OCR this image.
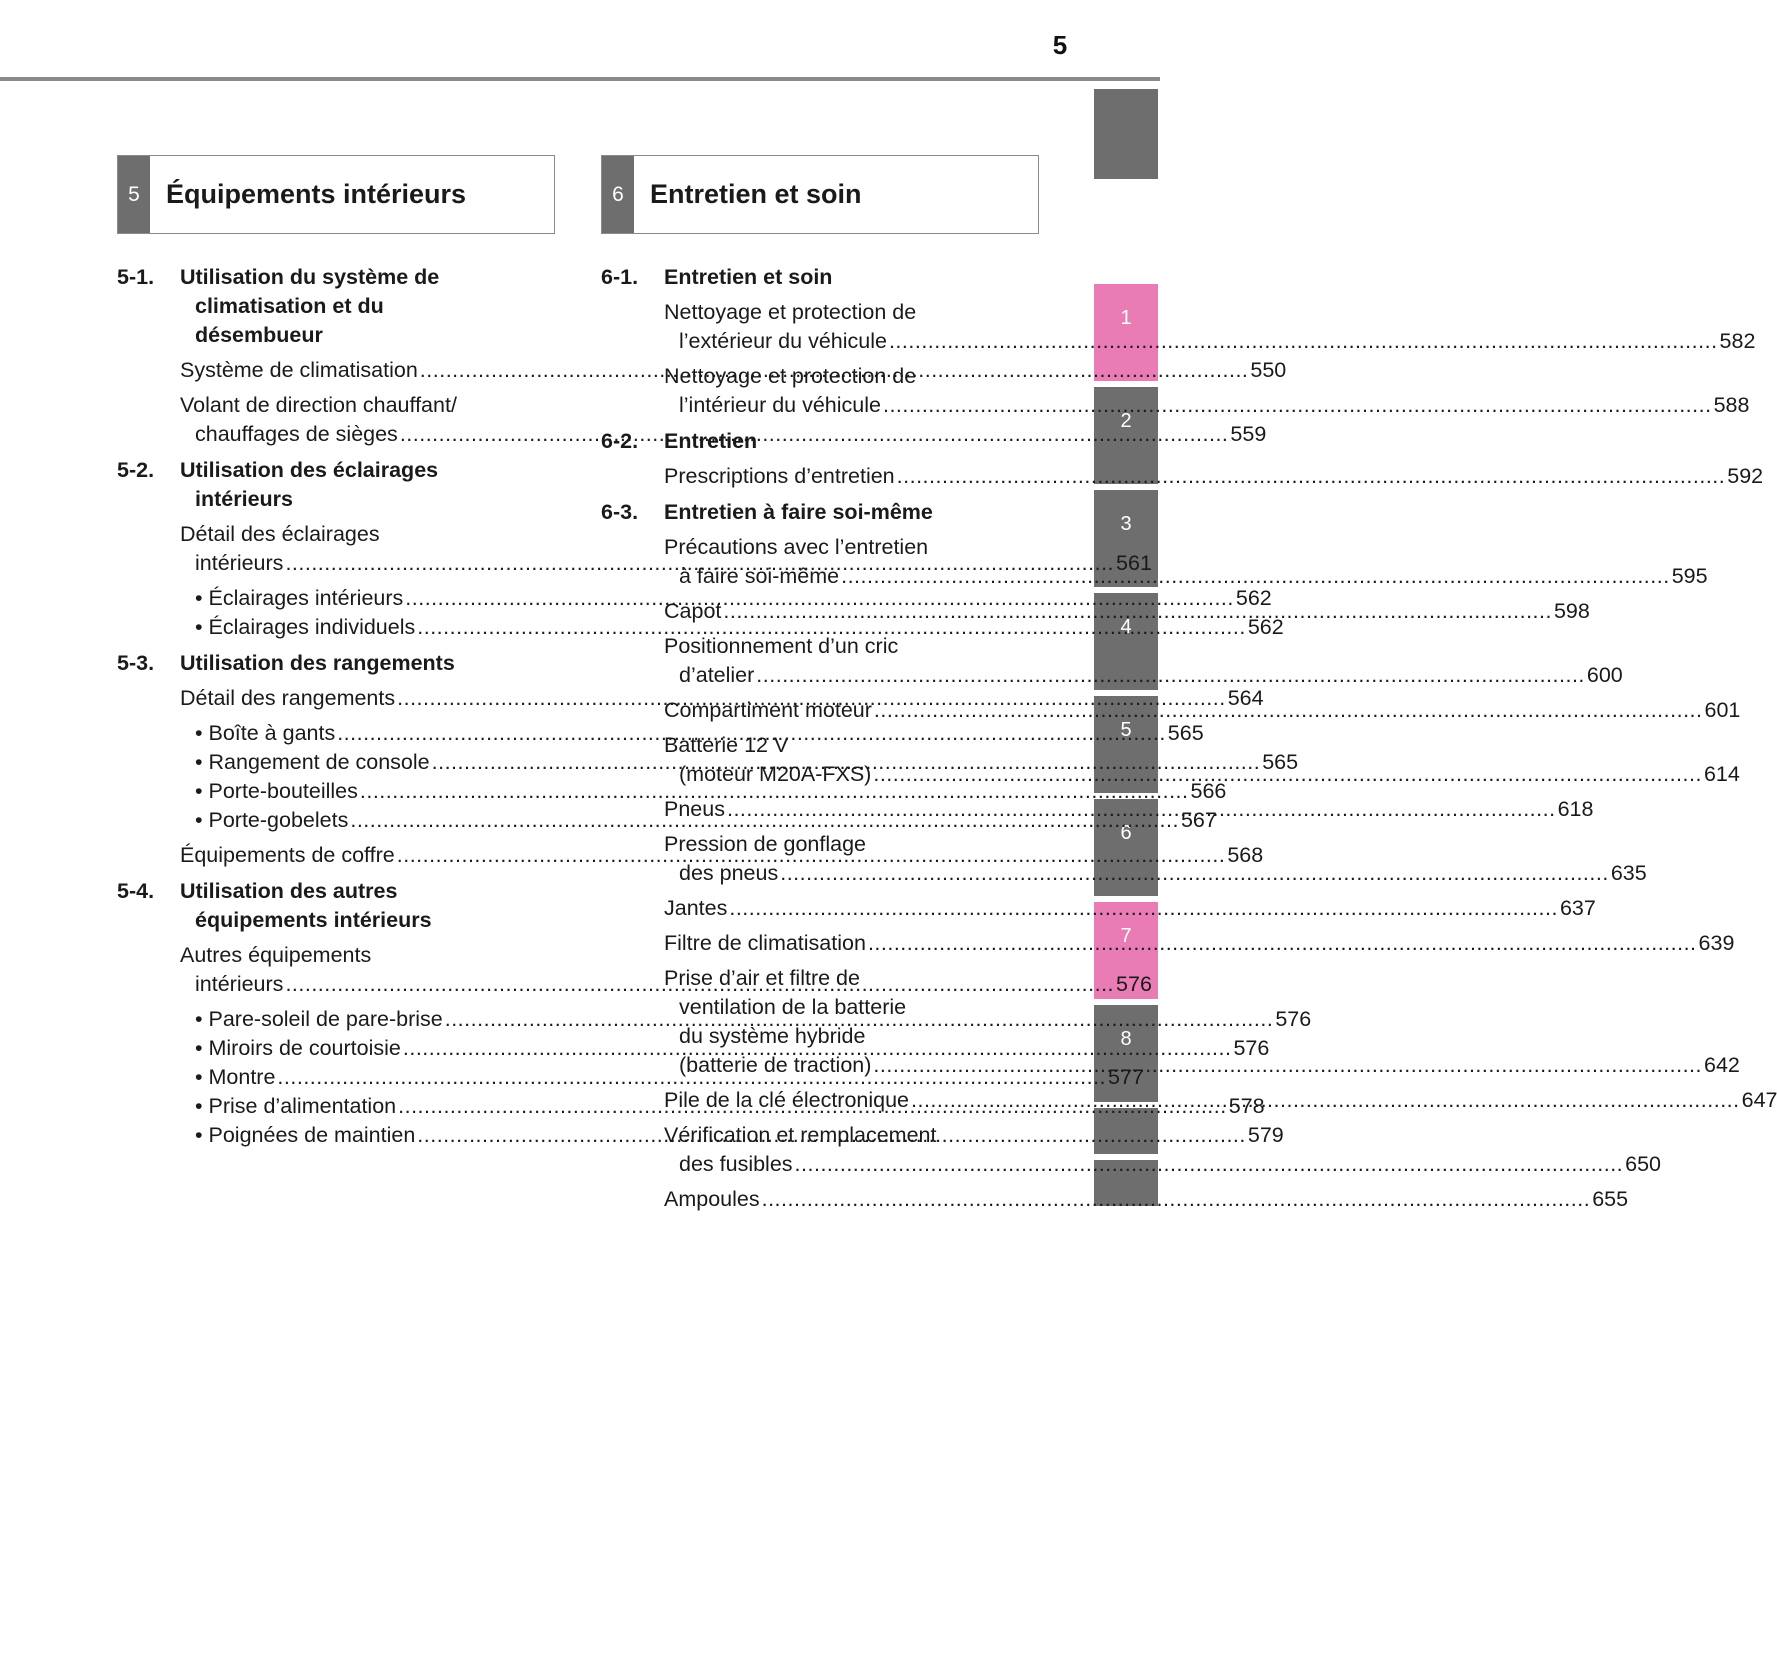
5
1
2
3
4
5
6
7
8
5 Équipements intérieurs	6 Entretien et soin
5-1.	Utilisation du système de
climatisation et du
désembueur
Système de climatisation .....	550
Volant de direction chauffant/
chauffages de sièges .....	559
5-2.	Utilisation des éclairages
intérieurs
Détail des éclairages
intérieurs .....	561
• Éclairages intérieurs .....	562
• Éclairages individuels .....	562
5-3.	Utilisation des rangements
Détail des rangements .....	564
• Boîte à gants .....	565
• Rangement de console .....	565
• Porte-bouteilles .....	566
• Porte-gobelets .....	567
Équipements de coffre .....	568
5-4.	Utilisation des autres
équipements intérieurs
Autres équipements
intérieurs .....	576
• Pare-soleil de pare-brise .....	576
• Miroirs de courtoisie .....	576
• Montre .....	577
• Prise d’alimentation .....	578
• Poignées de maintien .....	579
6-1.	Entretien et soin
Nettoyage et protection de
l’extérieur du véhicule .....	582
Nettoyage et protection de
l’intérieur du véhicule .....	588
6-2.	Entretien
Prescriptions d’entretien .....	592
6-3.	Entretien à faire soi-même
Précautions avec l’entretien
à faire soi-même .....	595
Capot .....	598
Positionnement d’un cric
d’atelier .....	600
Compartiment moteur .....	601
Batterie 12 V
(moteur M20A-FXS) .....	614
Pneus .....	618
Pression de gonflage
des pneus .....	635
Jantes .....	637
Filtre de climatisation .....	639
Prise d’air et filtre de
ventilation de la batterie
du système hybride
(batterie de traction) .....	642
Pile de la clé électronique .....	647
Vérification et remplacement
des fusibles .....	650
Ampoules .....	655
